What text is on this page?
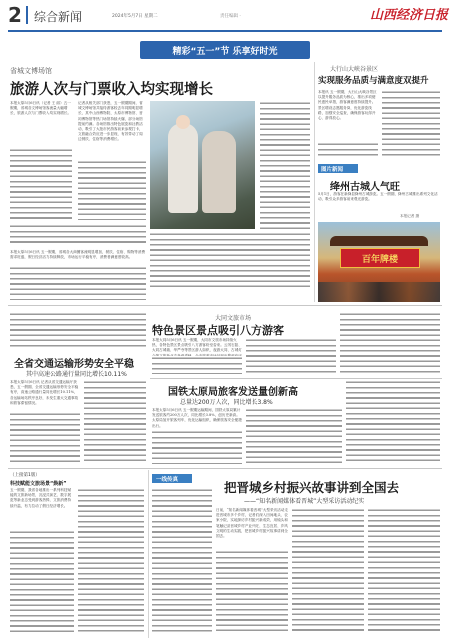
2 综合新闻	2024年5月7日 星期二	责任编辑 ·	山西经济日报
精彩“五一”节 乐享好时光
省城文博场馆
旅游人次与门票收入均实现增长
本报太原5月6日讯（记者 王 丽）五一假期，省城各文博场馆客流量大幅增长，旅游人次与门票收入均实现增长。
记者从相关部门获悉，五一假期期间，省城文博场馆共接待游客较去年同期明显增长，其中山西博物院、太原市博物馆、晋祠博物馆等热门场馆持续火爆，部分场馆提前约满。各场馆推出特色展览和社教活动，吸引了大批市民游客前来参观打卡，文旅融合效应进一步显现，有效带动了周边餐饮、住宿等消费增长。
大行山大峡谷景区
实现服务品质与满意度双提升
本报讯 五一假期，大行山大峡谷景区以提升服务品质为核心，推出多项便民惠民举措，游客满意度持续提升。景区增设志愿服务岗，优化游览线路，加强安全巡查，确保游客玩得开心、游得放心。
图片新闻
绛州古城人气旺
5月1日，游客在新绛县绛州古城游览。五一假期，绛州古城推出系列文化活动，吸引众多游客前来观光游览。
本报记者 摄
百年牌楼
本报太原5月6日讯 五一假期，省城各大商圈客流明显增加，餐饮、住宿、购物等消费需求旺盛，假日经济活力持续释放，市场运行平稳有序，消费者满意度较高。
大同文旅市场
特色景区景点吸引八方游客
本报大同5月6日讯 五一假期，大同市文旅市场持续火热，各特色景区景点吸引八方游客纷至沓来。云冈石窟、大同古城墙、华严寺等景区游人如织，夜游大同、古城灯
全省交通运输形势安全平稳
其中高速公路通行量同比增长10.11%
本报太原5月6日讯 记者从省交通运输厅获悉，五一假期，全省交通运输形势安全平稳有序，高速公路通行量同比增长10.11%，各运输场站秩序良好，未发生重大交通事故和旅客滞留情况。
国铁太原局旅客发送量创新高
总量达200万人次，同比增长3.8%
本报太原5月6日讯 五一假期运输期间，国铁太原局累计发送旅客约200万人次，同比增长3.8%，创历史新高。太原局加开旅客列车，优化运输组织，确保旅客安全便捷出行。
（上接第1版）
科技赋能文旅场景“焕新”
五一假期，我省各地推出一系列科技赋能的文旅新场景，沉浸式演艺、数字展览等新业态受到游客热捧，文旅消费持续升温，有力拉动了假日经济增长。
一线传真	把晋城乡村振兴故事讲到全国去
——“知名新闻媒体看晋城”大型采访活动纪实
日前，“知名新闻媒体看晋城”大型采访活动走进晋城市多个乡村，记者们深入田间地头、农家小院，实地探访乡村振兴新成效，用镜头和笔触记录晋城乡村产业兴旺、生态宜居、乡风文明的生动实践，把晋城乡村振兴故事讲到全国去。
